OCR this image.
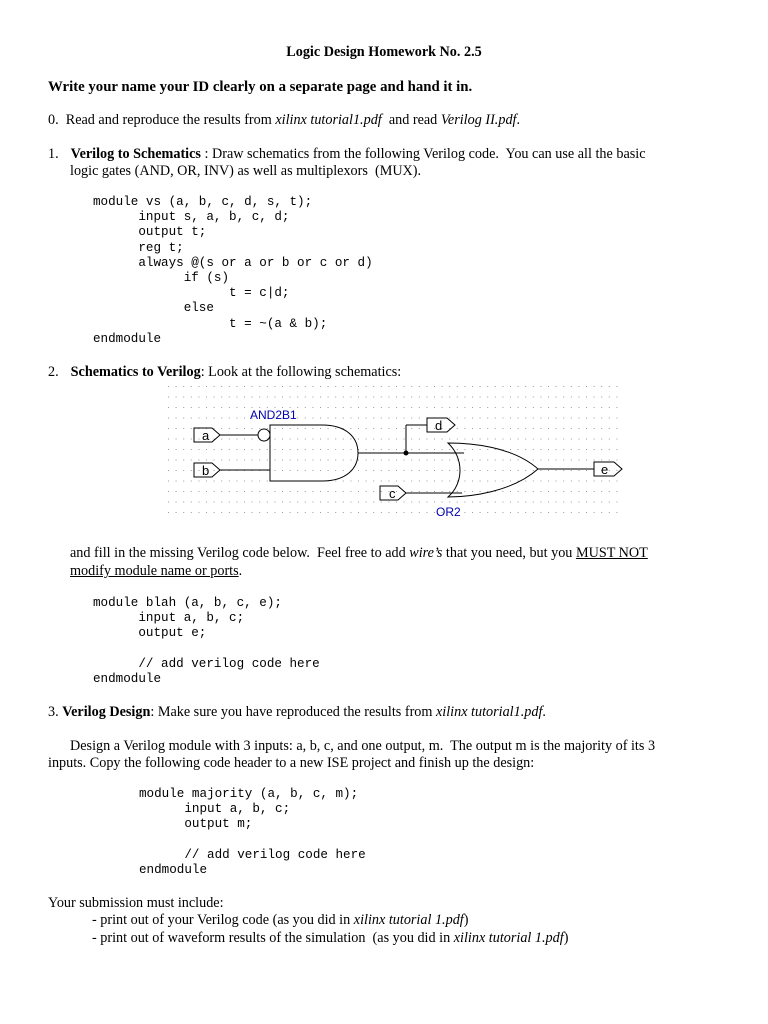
Logic Design Homework No. 2.5
Write your name your ID clearly on a separate page and hand it in.
0. Read and reproduce the results from xilinx tutorial1.pdf and read Verilog II.pdf.
1. Verilog to Schematics : Draw schematics from the following Verilog code.  You can use all the basic
logic gates (AND, OR, INV) as well as multiplexors  (MUX).
module vs (a, b, c, d, s, t);
input s, a, b, c, d;
output t;
reg t;
always @(s or a or b or c or d)
if (s)
t = c|d;
else
t = ~(a & b);
endmodule
2. Schematics to Verilog: Look at the following schematics:
AND2B1
OR2
a
b
c
d
e
and fill in the missing Verilog code below.  Feel free to add wire’s that you need, but you MUST NOT
modify module name or ports.
module blah (a, b, c, e);
input a, b, c;
output e;

// add verilog code here
endmodule
3. Verilog Design: Make sure you have reproduced the results from xilinx tutorial1.pdf.
Design a Verilog module with 3 inputs: a, b, c, and one output, m.  The output m is the majority of its 3
inputs. Copy the following code header to a new ISE project and finish up the design:
module majority (a, b, c, m);
input a, b, c;
output m;

// add verilog code here
endmodule
Your submission must include:
- print out of your Verilog code (as you did in xilinx tutorial 1.pdf)
- print out of waveform results of the simulation  (as you did in xilinx tutorial 1.pdf)
